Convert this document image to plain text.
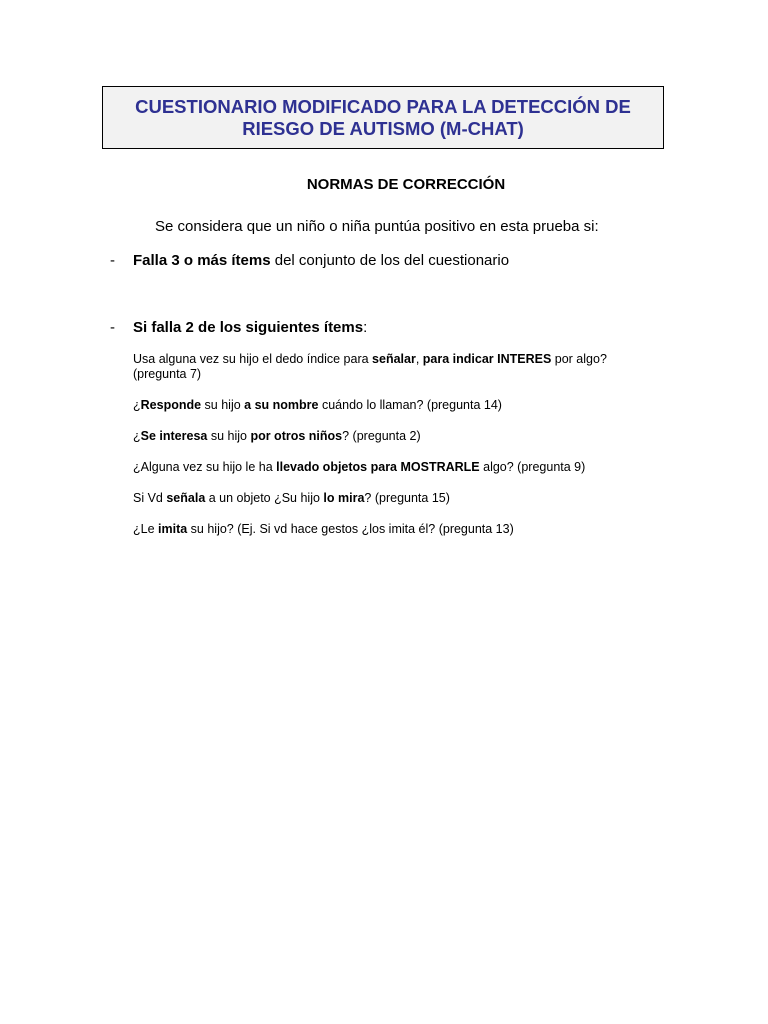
CUESTIONARIO MODIFICADO PARA LA DETECCIÓN DE
RIESGO DE AUTISMO (M-CHAT)
NORMAS DE CORRECCIÓN
Se considera que un niño o niña puntúa positivo en esta prueba si:
- Falla 3 o más ítems del conjunto de los del cuestionario
- Si falla 2 de los siguientes ítems:
Usa alguna vez su hijo el dedo índice para señalar, para indicar INTERES por algo? (pregunta 7)
¿Responde su hijo a su nombre cuándo lo llaman? (pregunta 14)
¿Se interesa su hijo por otros niños? (pregunta 2)
¿Alguna vez su hijo le ha llevado objetos para MOSTRARLE algo? (pregunta 9)
Si Vd señala a un objeto ¿Su hijo lo mira? (pregunta 15)
¿Le imita su hijo? (Ej. Si vd hace gestos ¿los imita él? (pregunta 13)
